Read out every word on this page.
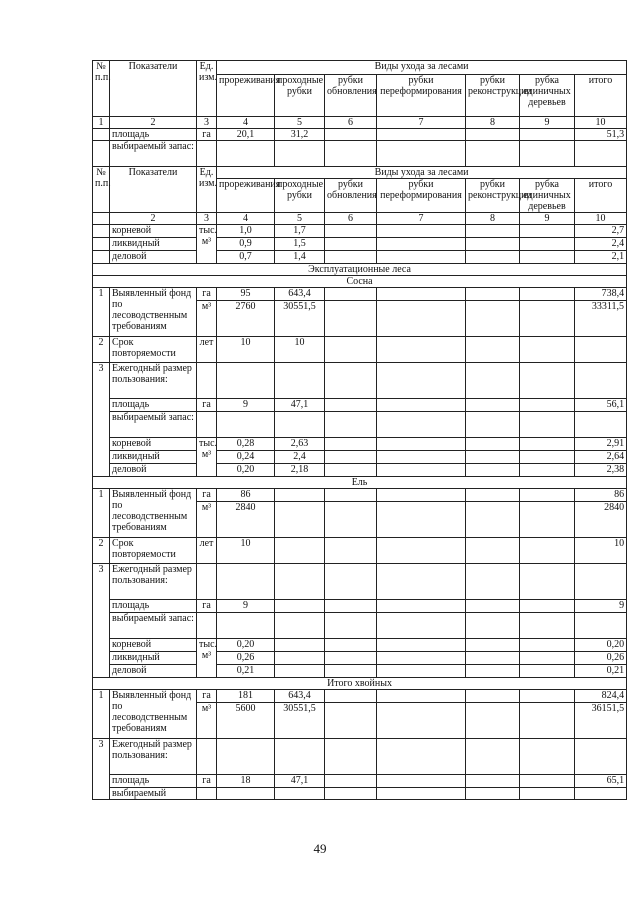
№ п.п.	Показатели	Ед. изм.	Виды ухода за лесами						
			прореживания	проходные рубки	рубки обновления	рубки переформирования	рубки реконструкции	рубка единичных деревьев	итого
1	2	3	4	5	6	7	8	9	10
	площадь	га	20,1	31,2					51,3
	выбираемый запас:								
№ п.п.	Показатели	Ед. изм.	Виды ухода за лесами						
			прореживания	проходные рубки	рубки обновления	рубки переформирования	рубки реконструкции	рубка единичных деревьев	итого
	2	3	4	5	6	7	8	9	10
	корневой	тыс. м³	1,0	1,7					2,7
	ликвидный		0,9	1,5					2,4
	деловой		0,7	1,4					2,1
Эксплуатационные леса									
Сосна									
1	Выявленный фонд по лесоводственным требованиям	га	95	643,4					738,4
		м³	2760	30551,5					33311,5
2	Срок повторяемости	лет	10	10					
3	Ежегодный размер пользования:								
	площадь	га	9	47,1					56,1
	выбираемый запас:								
	корневой	тыс. м³	0,28	2,63					2,91
	ликвидный		0,24	2,4					2,64
	деловой		0,20	2,18					2,38
Ель									
1	Выявленный фонд по лесоводственным требованиям	га	86						86
		м³	2840						2840
2	Срок повторяемости	лет	10						10
3	Ежегодный размер пользования:								
	площадь	га	9						9
	выбираемый запас:								
	корневой	тыс. м³	0,20						0,20
	ликвидный		0,26						0,26
	деловой		0,21						0,21
Итого хвойных									
1	Выявленный фонд по лесоводственным требованиям	га	181	643,4					824,4
		м³	5600	30551,5					36151,5
3	Ежегодный размер пользования:								
	площадь	га	18	47,1					65,1
	выбираемый								
49
